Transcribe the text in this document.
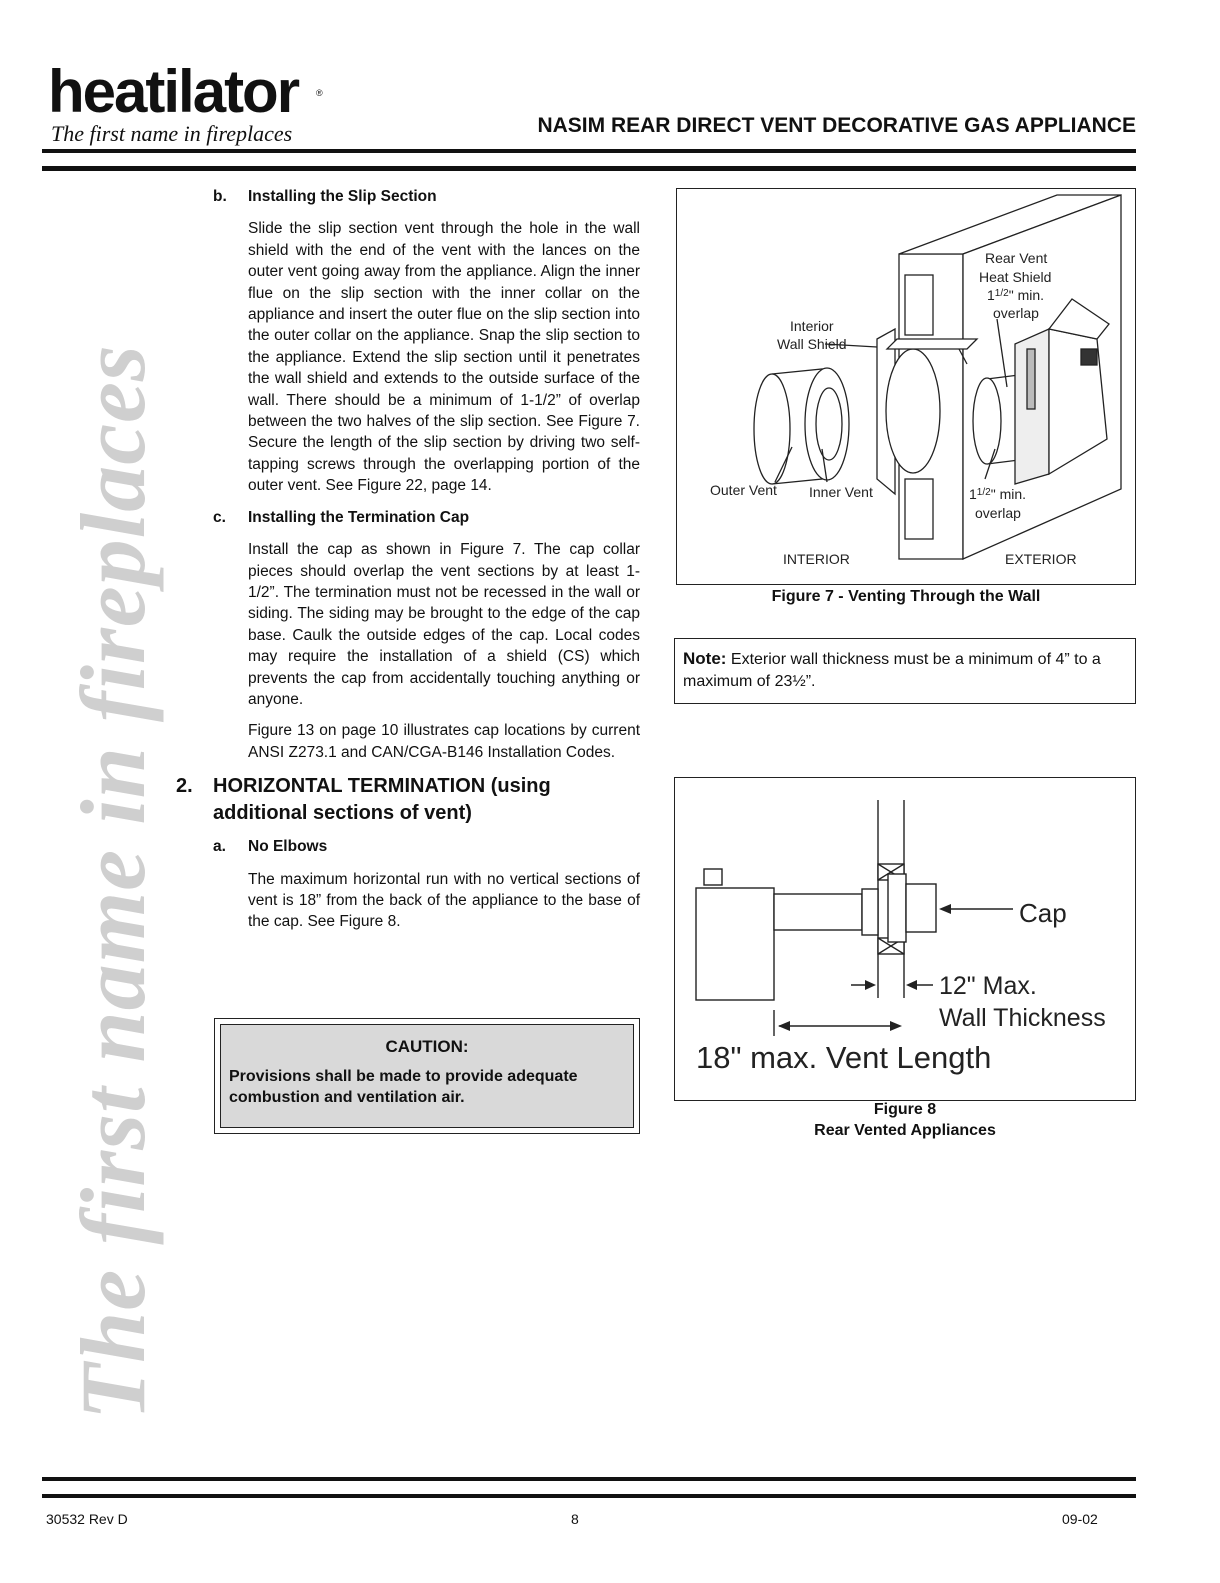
heatilator ®
The first name in fireplaces	NASIM REAR DIRECT VENT DECORATIVE GAS APPLIANCE
The first name in fireplaces
b. Installing the Slip Section

Slide the slip section vent through the hole in the wall shield with the end of the vent with the lances on the outer vent going away from the appliance. Align the inner flue on the slip section with the inner collar on the appliance and insert the outer flue on the slip section into the outer collar on the appliance. Snap the slip section to the appliance. Extend the slip section until it penetrates the wall shield and extends to the outside surface of the wall. There should be a minimum of 1-1/2” of overlap between the two halves of the slip section. See Figure 7. Secure the length of the slip section by driving two self-tapping screws through the overlapping portion of the outer vent. See Figure 22, page 14.

c. Installing the Termination Cap

Install the cap as shown in Figure 7. The cap collar pieces should overlap the vent sections by at least 1-1/2”. The termination must not be recessed in the wall or siding. The siding may be brought to the edge of the cap base. Caulk the outside edges of the cap. Local codes may require the installation of a shield (CS) which prevents the cap from accidentally touching anything or anyone.

Figure 13 on page 10 illustrates cap locations by current ANSI Z273.1 and CAN/CGA-B146 Installation Codes.

2. HORIZONTAL TERMINATION (using additional sections of vent)
a. No Elbows

The maximum horizontal run with no vertical sections of vent is 18” from the back of the appliance to the base of the cap. See Figure 8.

CAUTION:
Provisions shall be made to provide adequate combustion and ventilation air.
Rear Vent
Heat Shield
$1^{1/2}$" min.
overlap
Interior
Wall Shield
Outer Vent Inner Vent	$1^{1/2}$" min.
overlap
INTERIOR	EXTERIOR
Figure 7 - Venting Through the Wall
Note: Exterior wall thickness must be a minimum of 4” to a maximum of 23½”.
Cap
12" Max.
Wall Thickness
18" max. Vent Length
Figure 8
Rear Vented Appliances
30532 Rev D	8	09-02
